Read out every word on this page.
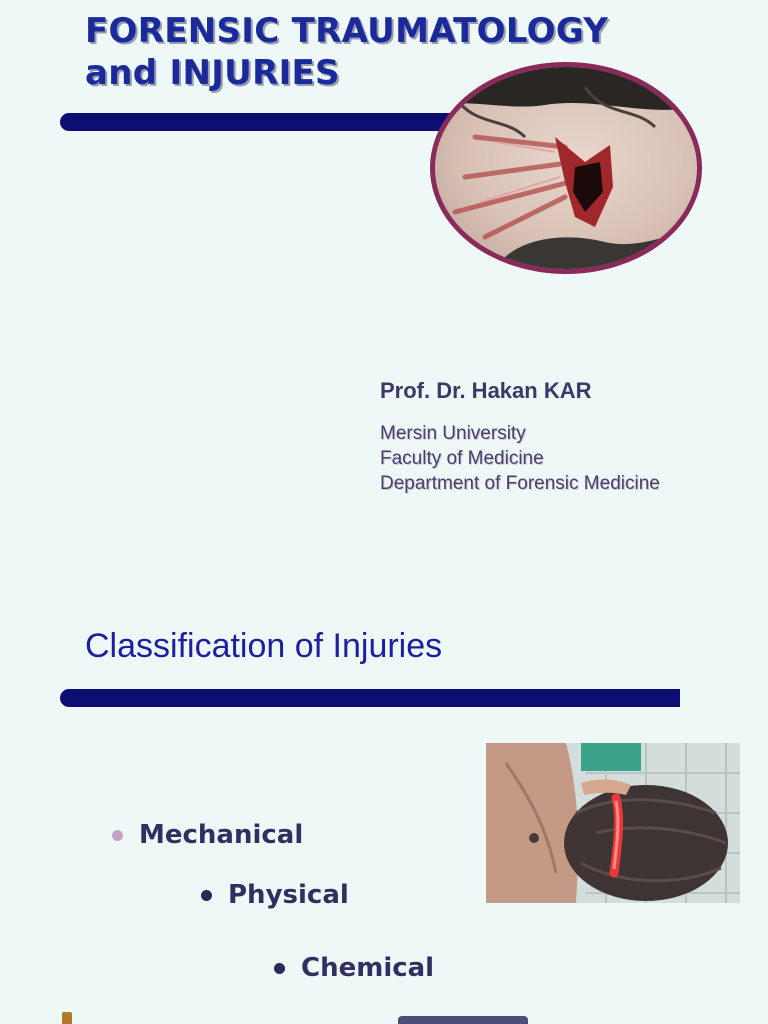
FORENSIC TRAUMATOLOGY
and INJURIES

Prof. Dr. Hakan KAR

Mersin University
Faculty of Medicine
Department of Forensic Medicine
Classification of Injuries
Mechanical
Physical
Chemical
